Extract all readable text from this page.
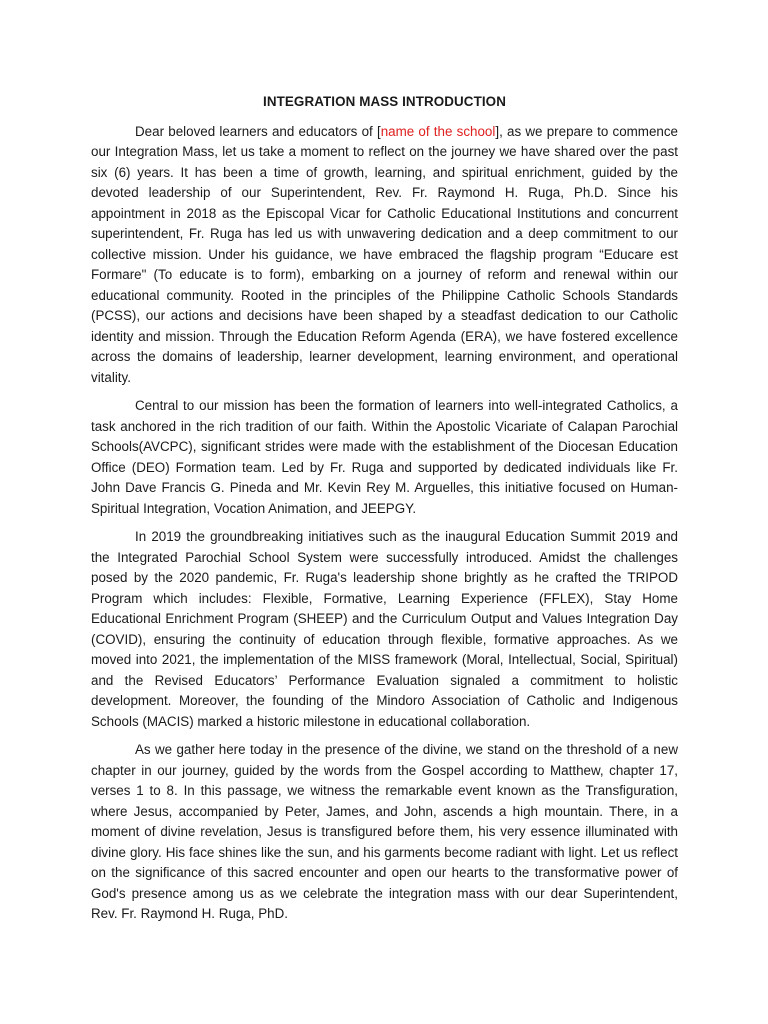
INTEGRATION MASS INTRODUCTION

Dear beloved learners and educators of [name of the school], as we prepare to commence our Integration Mass, let us take a moment to reflect on the journey we have shared over the past six (6) years. It has been a time of growth, learning, and spiritual enrichment, guided by the devoted leadership of our Superintendent, Rev. Fr. Raymond H. Ruga, Ph.D. Since his appointment in 2018 as the Episcopal Vicar for Catholic Educational Institutions and concurrent superintendent, Fr. Ruga has led us with unwavering dedication and a deep commitment to our collective mission. Under his guidance, we have embraced the flagship program “Educare est Formare" (To educate is to form), embarking on a journey of reform and renewal within our educational community. Rooted in the principles of the Philippine Catholic Schools Standards (PCSS), our actions and decisions have been shaped by a steadfast dedication to our Catholic identity and mission. Through the Education Reform Agenda (ERA), we have fostered excellence across the domains of leadership, learner development, learning environment, and operational vitality.

Central to our mission has been the formation of learners into well-integrated Catholics, a task anchored in the rich tradition of our faith. Within the Apostolic Vicariate of Calapan Parochial Schools(AVCPC), significant strides were made with the establishment of the Diocesan Education Office (DEO) Formation team. Led by Fr. Ruga and supported by dedicated individuals like Fr. John Dave Francis G. Pineda and Mr. Kevin Rey M. Arguelles, this initiative focused on Human-Spiritual Integration, Vocation Animation, and JEEPGY.

In 2019 the groundbreaking initiatives such as the inaugural Education Summit 2019 and the Integrated Parochial School System were successfully introduced. Amidst the challenges posed by the 2020 pandemic, Fr. Ruga's leadership shone brightly as he crafted the TRIPOD Program which includes: Flexible, Formative, Learning Experience (FFLEX), Stay Home Educational Enrichment Program (SHEEP) and the Curriculum Output and Values Integration Day (COVID), ensuring the continuity of education through flexible, formative approaches. As we moved into 2021, the implementation of the MISS framework (Moral, Intellectual, Social, Spiritual) and the Revised Educators’ Performance Evaluation signaled a commitment to holistic development. Moreover, the founding of the Mindoro Association of Catholic and Indigenous Schools (MACIS) marked a historic milestone in educational collaboration.

As we gather here today in the presence of the divine, we stand on the threshold of a new chapter in our journey, guided by the words from the Gospel according to Matthew, chapter 17, verses 1 to 8. In this passage, we witness the remarkable event known as the Transfiguration, where Jesus, accompanied by Peter, James, and John, ascends a high mountain. There, in a moment of divine revelation, Jesus is transfigured before them, his very essence illuminated with divine glory. His face shines like the sun, and his garments become radiant with light. Let us reflect on the significance of this sacred encounter and open our hearts to the transformative power of God's presence among us as we celebrate the integration mass with our dear Superintendent, Rev. Fr. Raymond H. Ruga, PhD.
